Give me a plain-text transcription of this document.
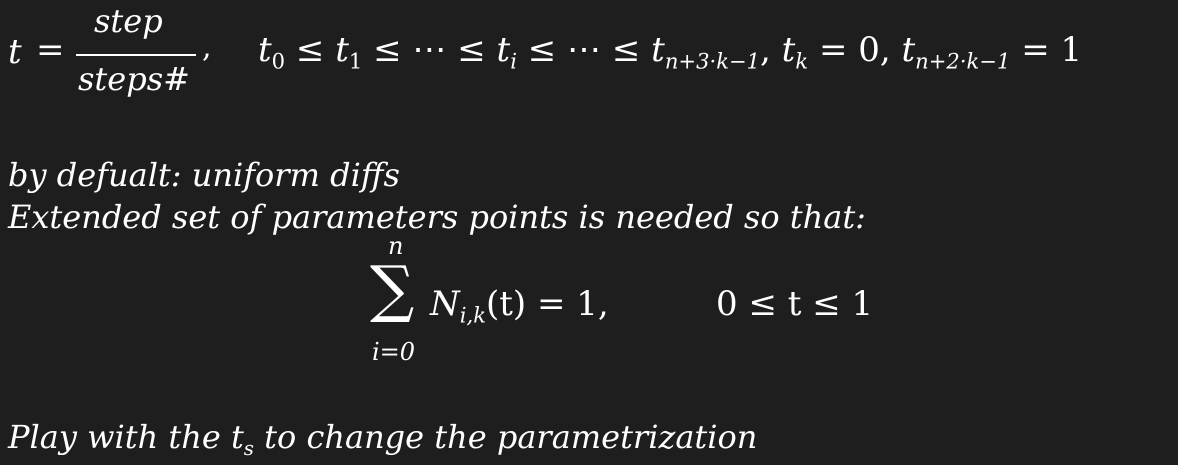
t =
step
steps#
, $t_0 \le t_1$ ≤ ⋯ ≤ $t_i$ ≤ ⋯ ≤ $t_{n+3\cdot k-1}$, $t_k = 0$, $t_{n+2\cdot k-1} = 1$
by defualt: uniform diffs
Extended set of parameters points is needed so that:
n
∑
i=0
$N_{i,k}(t) = 1$,	0 ≤ t ≤ 1
Play with the $t_s$ to change the parametrization
